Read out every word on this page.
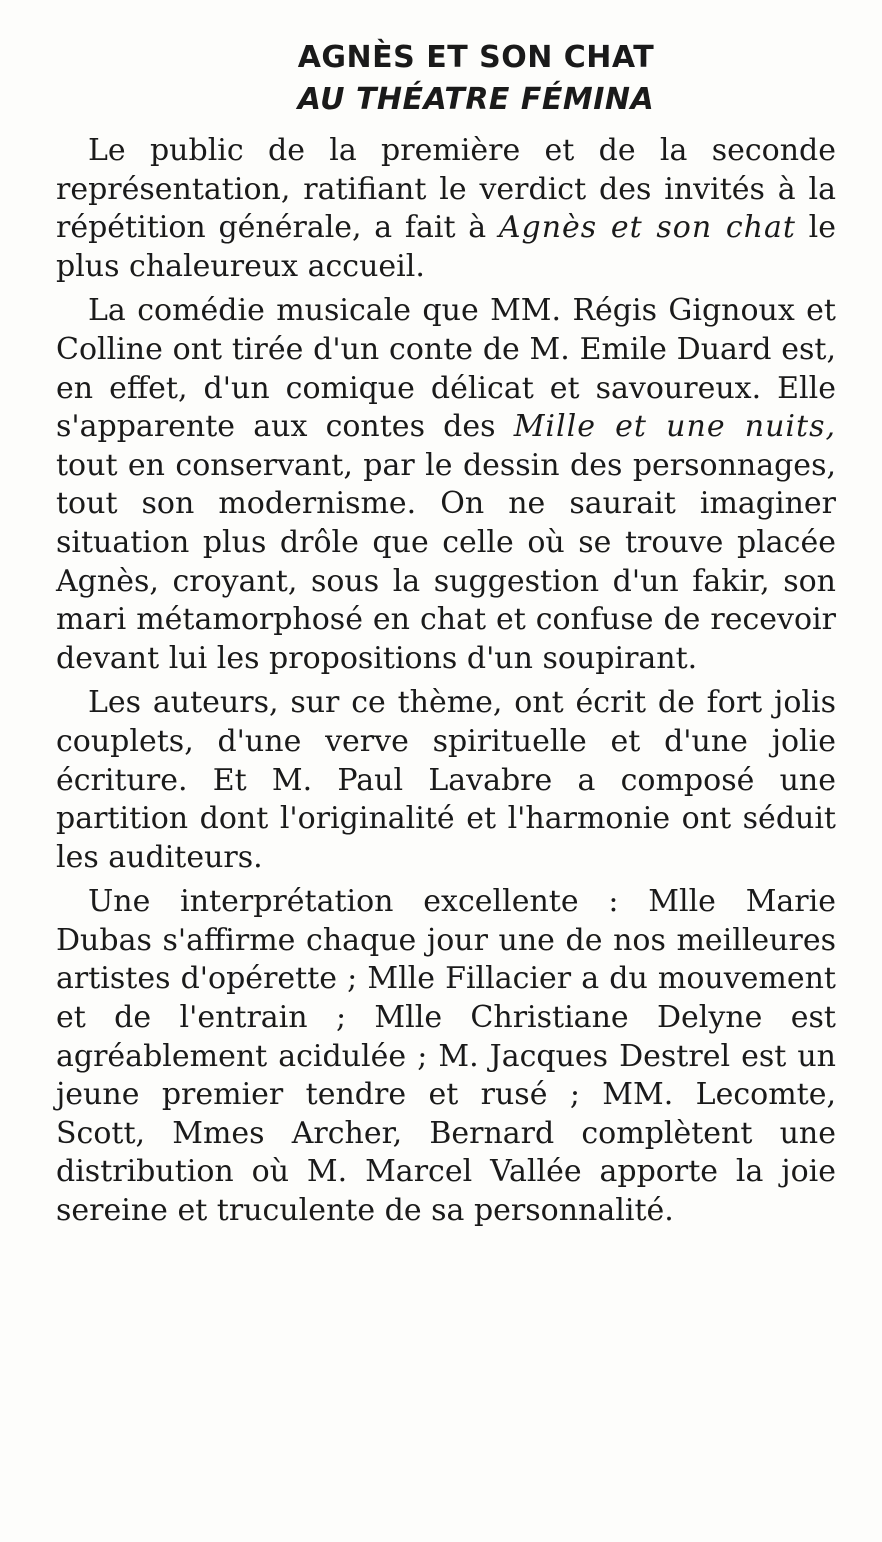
AGNÈS ET SON CHAT
AU THÉATRE FÉMINA

Le public de la première et de la seconde représentation, ratifiant le verdict des invités à la répétition générale, a fait à Agnès et son chat le plus chaleureux accueil.

La comédie musicale que MM. Régis Gignoux et Colline ont tirée d'un conte de M. Emile Duard est, en effet, d'un comique délicat et savoureux. Elle s'apparente aux contes des Mille et une nuits, tout en conservant, par le dessin des personnages, tout son modernisme. On ne saurait imaginer situation plus drôle que celle où se trouve placée Agnès, croyant, sous la suggestion d'un fakir, son mari métamorphosé en chat et confuse de recevoir devant lui les propositions d'un soupirant.

Les auteurs, sur ce thème, ont écrit de fort jolis couplets, d'une verve spirituelle et d'une jolie écriture. Et M. Paul Lavabre a composé une partition dont l'originalité et l'harmonie ont séduit les auditeurs.

Une interprétation excellente : Mlle Marie Dubas s'affirme chaque jour une de nos meilleures artistes d'opérette ; Mlle Fillacier a du mouvement et de l'entrain ; Mlle Christiane Delyne est agréablement acidulée ; M. Jacques Destrel est un jeune premier tendre et rusé ; MM. Lecomte, Scott, Mmes Archer, Bernard complètent une distribution où M. Marcel Vallée apporte la joie sereine et truculente de sa personnalité.
